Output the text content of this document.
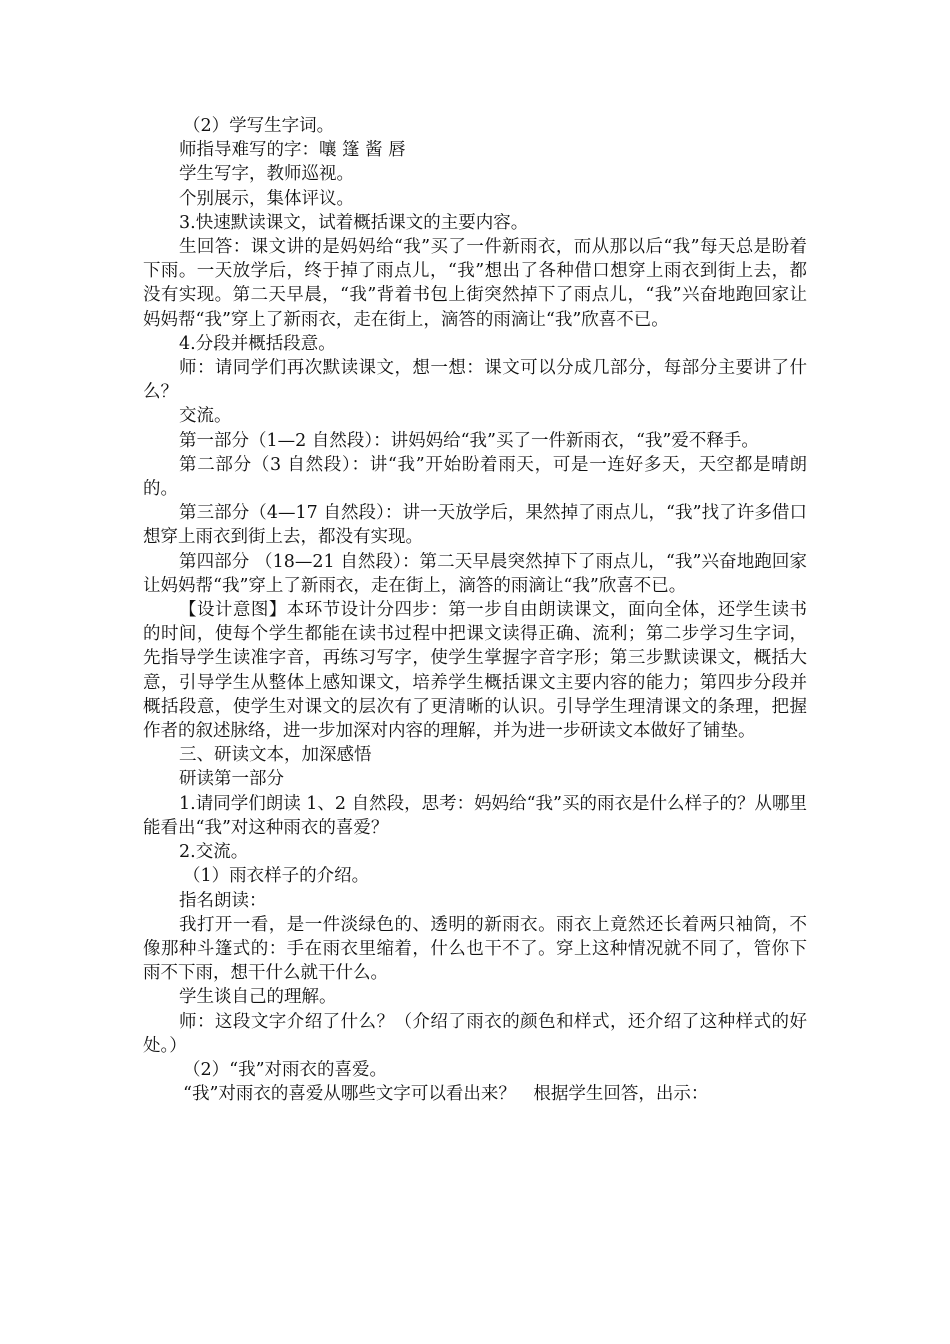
（2）学写生字词。

师指导难写的字：嚷 篷 酱 唇

学生写字，教师巡视。

个别展示，集体评议。

3.快速默读课文，试着概括课文的主要内容。

生回答：课文讲的是妈妈给“我”买了一件新雨衣，而从那以后“我”每天总是盼着下雨。一天放学后，终于掉了雨点儿，“我”想出了各种借口想穿上雨衣到街上去，都没有实现。第二天早晨，“我”背着书包上街突然掉下了雨点儿，“我”兴奋地跑回家让妈妈帮“我”穿上了新雨衣，走在街上，滴答的雨滴让“我”欣喜不已。

4.分段并概括段意。

师：请同学们再次默读课文，想一想：课文可以分成几部分，每部分主要讲了什么？

交流。

第一部分（1—2 自然段）：讲妈妈给“我”买了一件新雨衣，“我”爱不释手。

第二部分（3 自然段）：讲“我”开始盼着雨天，可是一连好多天，天空都是晴朗的。

第三部分（4—17 自然段）：讲一天放学后，果然掉了雨点儿，“我”找了许多借口想穿上雨衣到街上去，都没有实现。

第四部分 （18—21 自然段）：第二天早晨突然掉下了雨点儿，“我”兴奋地跑回家让妈妈帮“我”穿上了新雨衣，走在街上，滴答的雨滴让“我”欣喜不已。

【设计意图】本环节设计分四步：第一步自由朗读课文，面向全体，还学生读书的时间，使每个学生都能在读书过程中把课文读得正确、流利；第二步学习生字词，先指导学生读准字音，再练习写字，使学生掌握字音字形；第三步默读课文，概括大意，引导学生从整体上感知课文，培养学生概括课文主要内容的能力；第四步分段并概括段意，使学生对课文的层次有了更清晰的认识。引导学生理清课文的条理，把握作者的叙述脉络，进一步加深对内容的理解，并为进一步研读文本做好了铺垫。

三、研读文本，加深感悟

研读第一部分

1.请同学们朗读 1、2 自然段，思考：妈妈给“我”买的雨衣是什么样子的？从哪里能看出“我”对这种雨衣的喜爱？

2.交流。

（1）雨衣样子的介绍。

指名朗读：

我打开一看，是一件淡绿色的、透明的新雨衣。雨衣上竟然还长着两只袖筒，不像那种斗篷式的：手在雨衣里缩着，什么也干不了。穿上这种情况就不同了，管你下雨不下雨，想干什么就干什么。

学生谈自己的理解。

师：这段文字介绍了什么？（介绍了雨衣的颜色和样式，还介绍了这种样式的好处。）

（2）“我”对雨衣的喜爱。

“我”对雨衣的喜爱从哪些文字可以看出来？　根据学生回答，出示：
